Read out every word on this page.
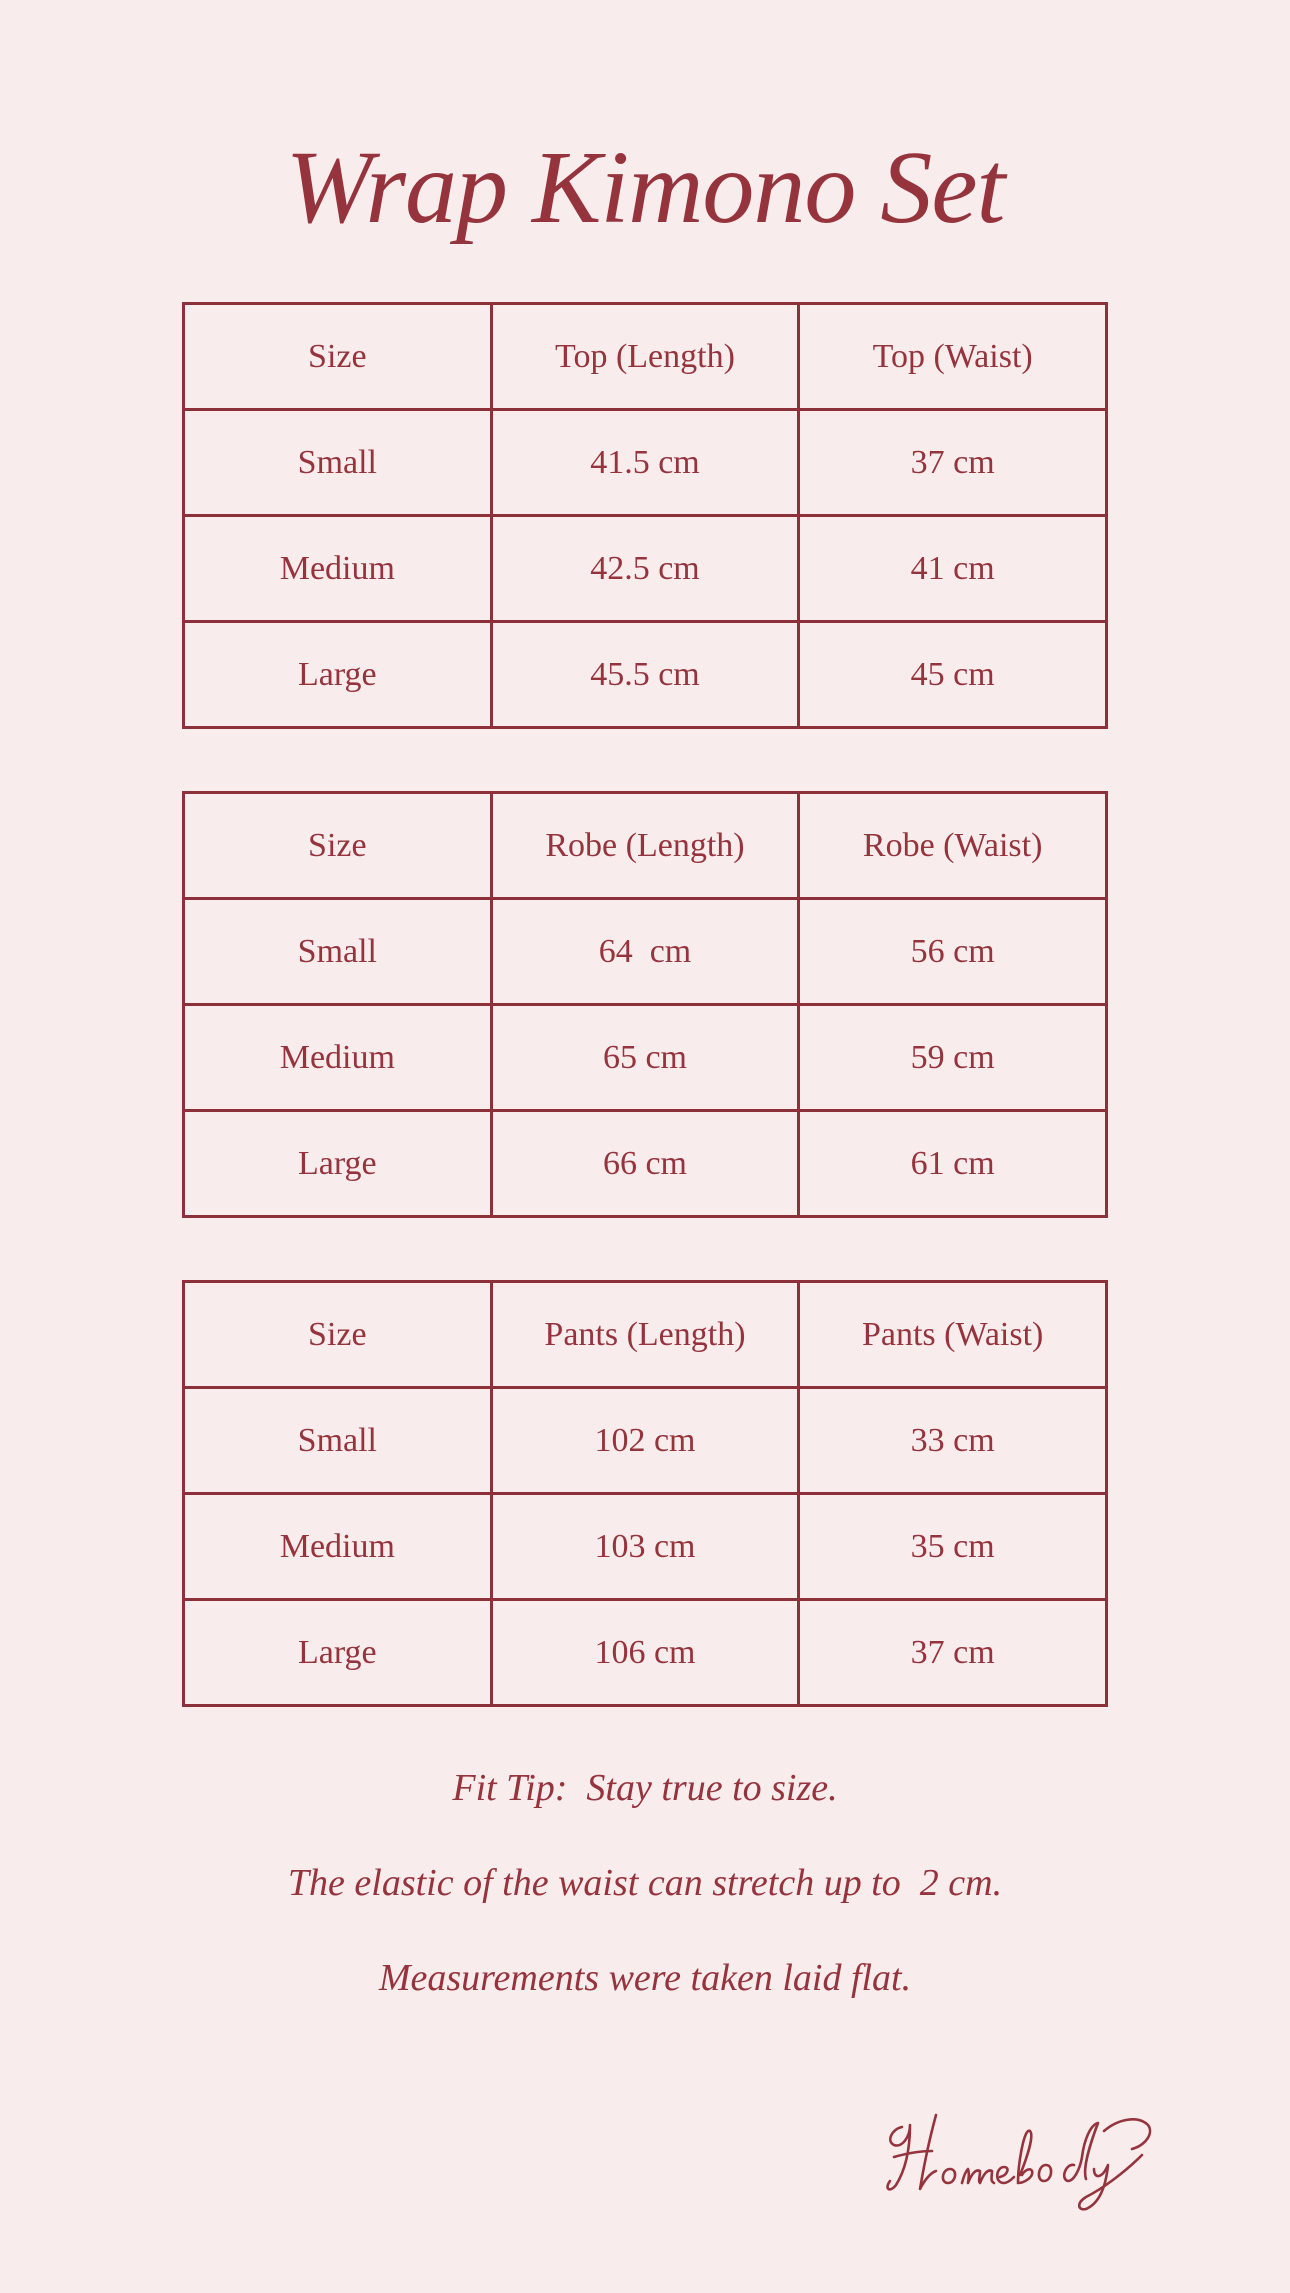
Wrap Kimono Set
Size	Top (Length)	Top (Waist)
Small	41.5 cm	37 cm
Medium	42.5 cm	41 cm
Large	45.5 cm	45 cm
Size	Robe (Length)	Robe (Waist)
Small	64  cm	56 cm
Medium	65 cm	59 cm
Large	66 cm	61 cm
Size	Pants (Length)	Pants (Waist)
Small	102 cm	33 cm
Medium	103 cm	35 cm
Large	106 cm	37 cm

Fit Tip:  Stay true to size.

The elastic of the waist can stretch up to  2 cm.

Measurements were taken laid flat.
